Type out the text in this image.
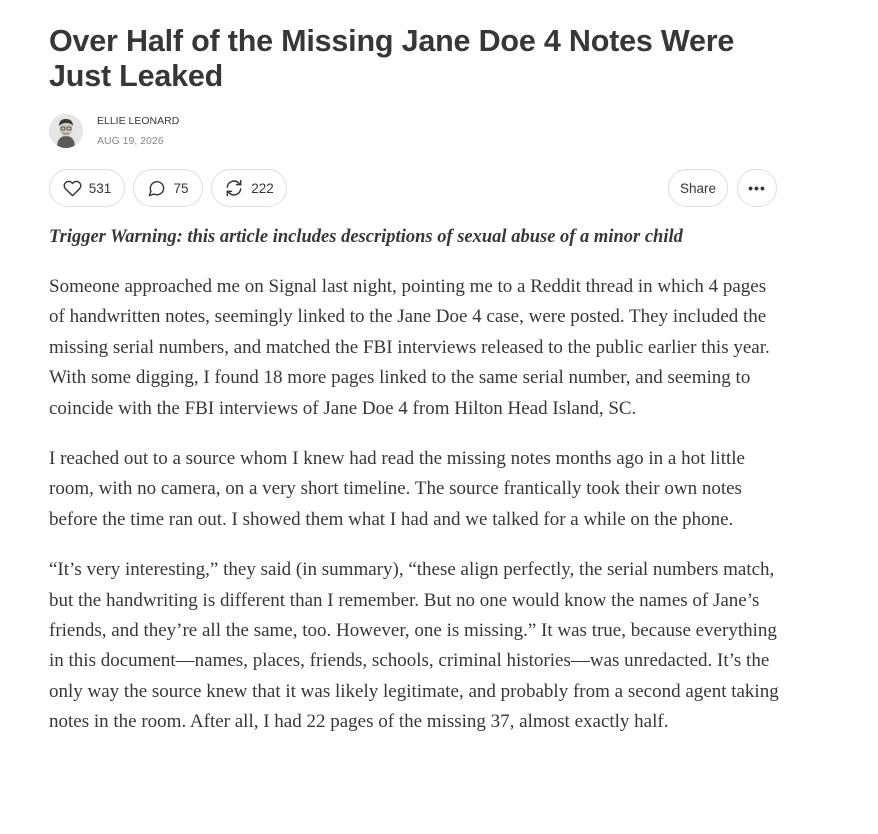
Over Half of the Missing Jane Doe 4 Notes Were Just Leaked
ELLIE LEONARD
AUG 19, 2026
531	75	222	Share •••
Trigger Warning: this article includes descriptions of sexual abuse of a minor child

Someone approached me on Signal last night, pointing me to a Reddit thread in which 4 pages of handwritten notes, seemingly linked to the Jane Doe 4 case, were posted. They included the missing serial numbers, and matched the FBI interviews released to the public earlier this year. With some digging, I found 18 more pages linked to the same serial number, and seeming to coincide with the FBI interviews of Jane Doe 4 from Hilton Head Island, SC.

I reached out to a source whom I knew had read the missing notes months ago in a hot little room, with no camera, on a very short timeline. The source frantically took their own notes before the time ran out. I showed them what I had and we talked for a while on the phone.

“It’s very interesting,” they said (in summary), “these align perfectly, the serial numbers match, but the handwriting is different than I remember. But no one would know the names of Jane’s friends, and they’re all the same, too. However, one is missing.” It was true, because everything in this document—names, places, friends, schools, criminal histories—was unredacted. It’s the only way the source knew that it was likely legitimate, and probably from a second agent taking notes in the room. After all, I had 22 pages of the missing 37, almost exactly half.
